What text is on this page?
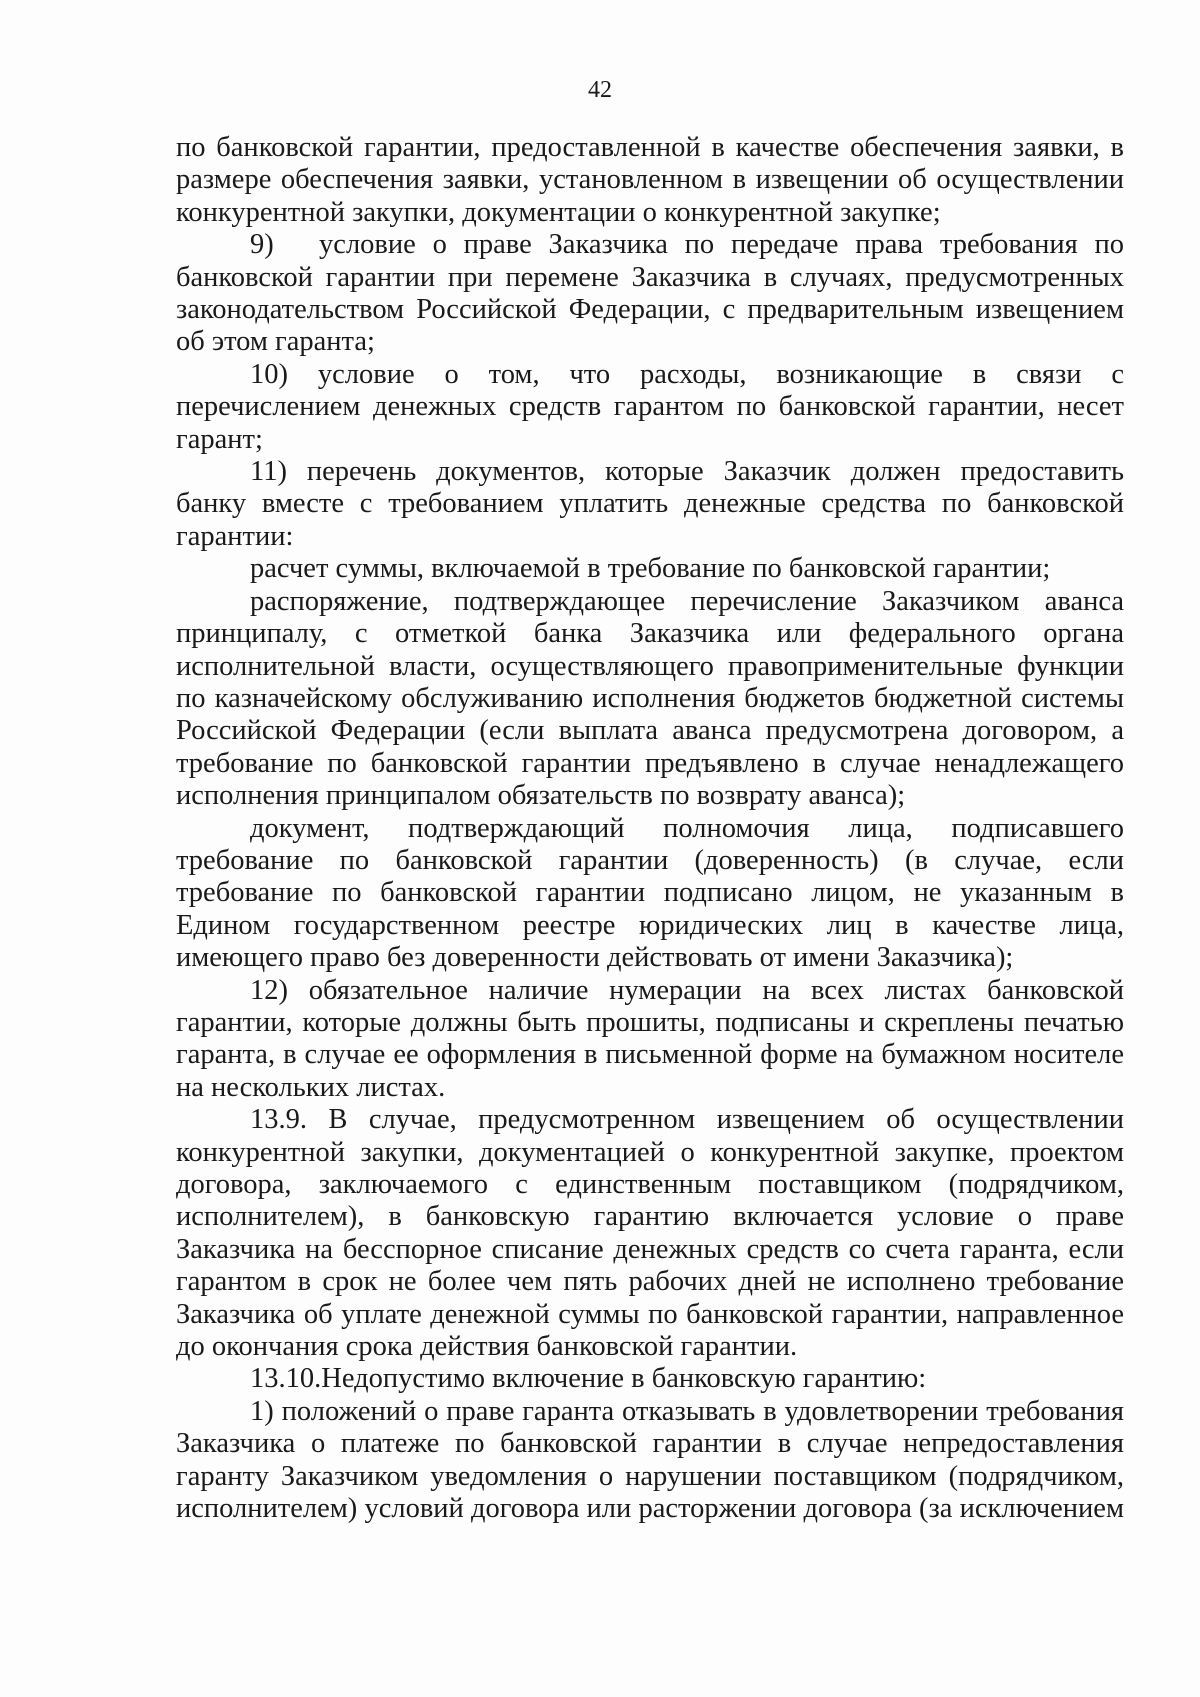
42

по банковской гарантии, предоставленной в качестве обеспечения заявки, в

размере обеспечения заявки, установленном в извещении об осуществлении

конкурентной закупки, документации о конкурентной закупке;

9)  условие о праве Заказчика по передаче права требования по

банковской гарантии при перемене Заказчика в случаях, предусмотренных

законодательством Российской Федерации, с предварительным извещением

об этом гаранта;

10) условие о том, что расходы, возникающие в связи с

перечислением денежных средств гарантом по банковской гарантии, несет

гарант;

11) перечень документов, которые Заказчик должен предоставить

банку вместе с требованием уплатить денежные средства по банковской

гарантии:

расчет суммы, включаемой в требование по банковской гарантии;

распоряжение, подтверждающее перечисление Заказчиком аванса

принципалу, с отметкой банка Заказчика или федерального органа

исполнительной власти, осуществляющего правоприменительные функции

по казначейскому обслуживанию исполнения бюджетов бюджетной системы

Российской Федерации (если выплата аванса предусмотрена договором, а

требование по банковской гарантии предъявлено в случае ненадлежащего

исполнения принципалом обязательств по возврату аванса);

документ, подтверждающий полномочия лица, подписавшего

требование по банковской гарантии (доверенность) (в случае, если

требование по банковской гарантии подписано лицом, не указанным в

Едином государственном реестре юридических лиц в качестве лица,

имеющего право без доверенности действовать от имени Заказчика);

12) обязательное наличие нумерации на всех листах банковской

гарантии, которые должны быть прошиты, подписаны и скреплены печатью

гаранта, в случае ее оформления в письменной форме на бумажном носителе

на нескольких листах.

13.9. В случае, предусмотренном извещением об осуществлении

конкурентной закупки, документацией о конкурентной закупке, проектом

договора, заключаемого с единственным поставщиком (подрядчиком,

исполнителем), в банковскую гарантию включается условие о праве

Заказчика на бесспорное списание денежных средств со счета гаранта, если

гарантом в срок не более чем пять рабочих дней не исполнено требование

Заказчика об уплате денежной суммы по банковской гарантии, направленное

до окончания срока действия банковской гарантии.

13.10.Недопустимо включение в банковскую гарантию:

1) положений о праве гаранта отказывать в удовлетворении требования

Заказчика о платеже по банковской гарантии в случае непредоставления

гаранту Заказчиком уведомления о нарушении поставщиком (подрядчиком,

исполнителем) условий договора или расторжении договора (за исключением
